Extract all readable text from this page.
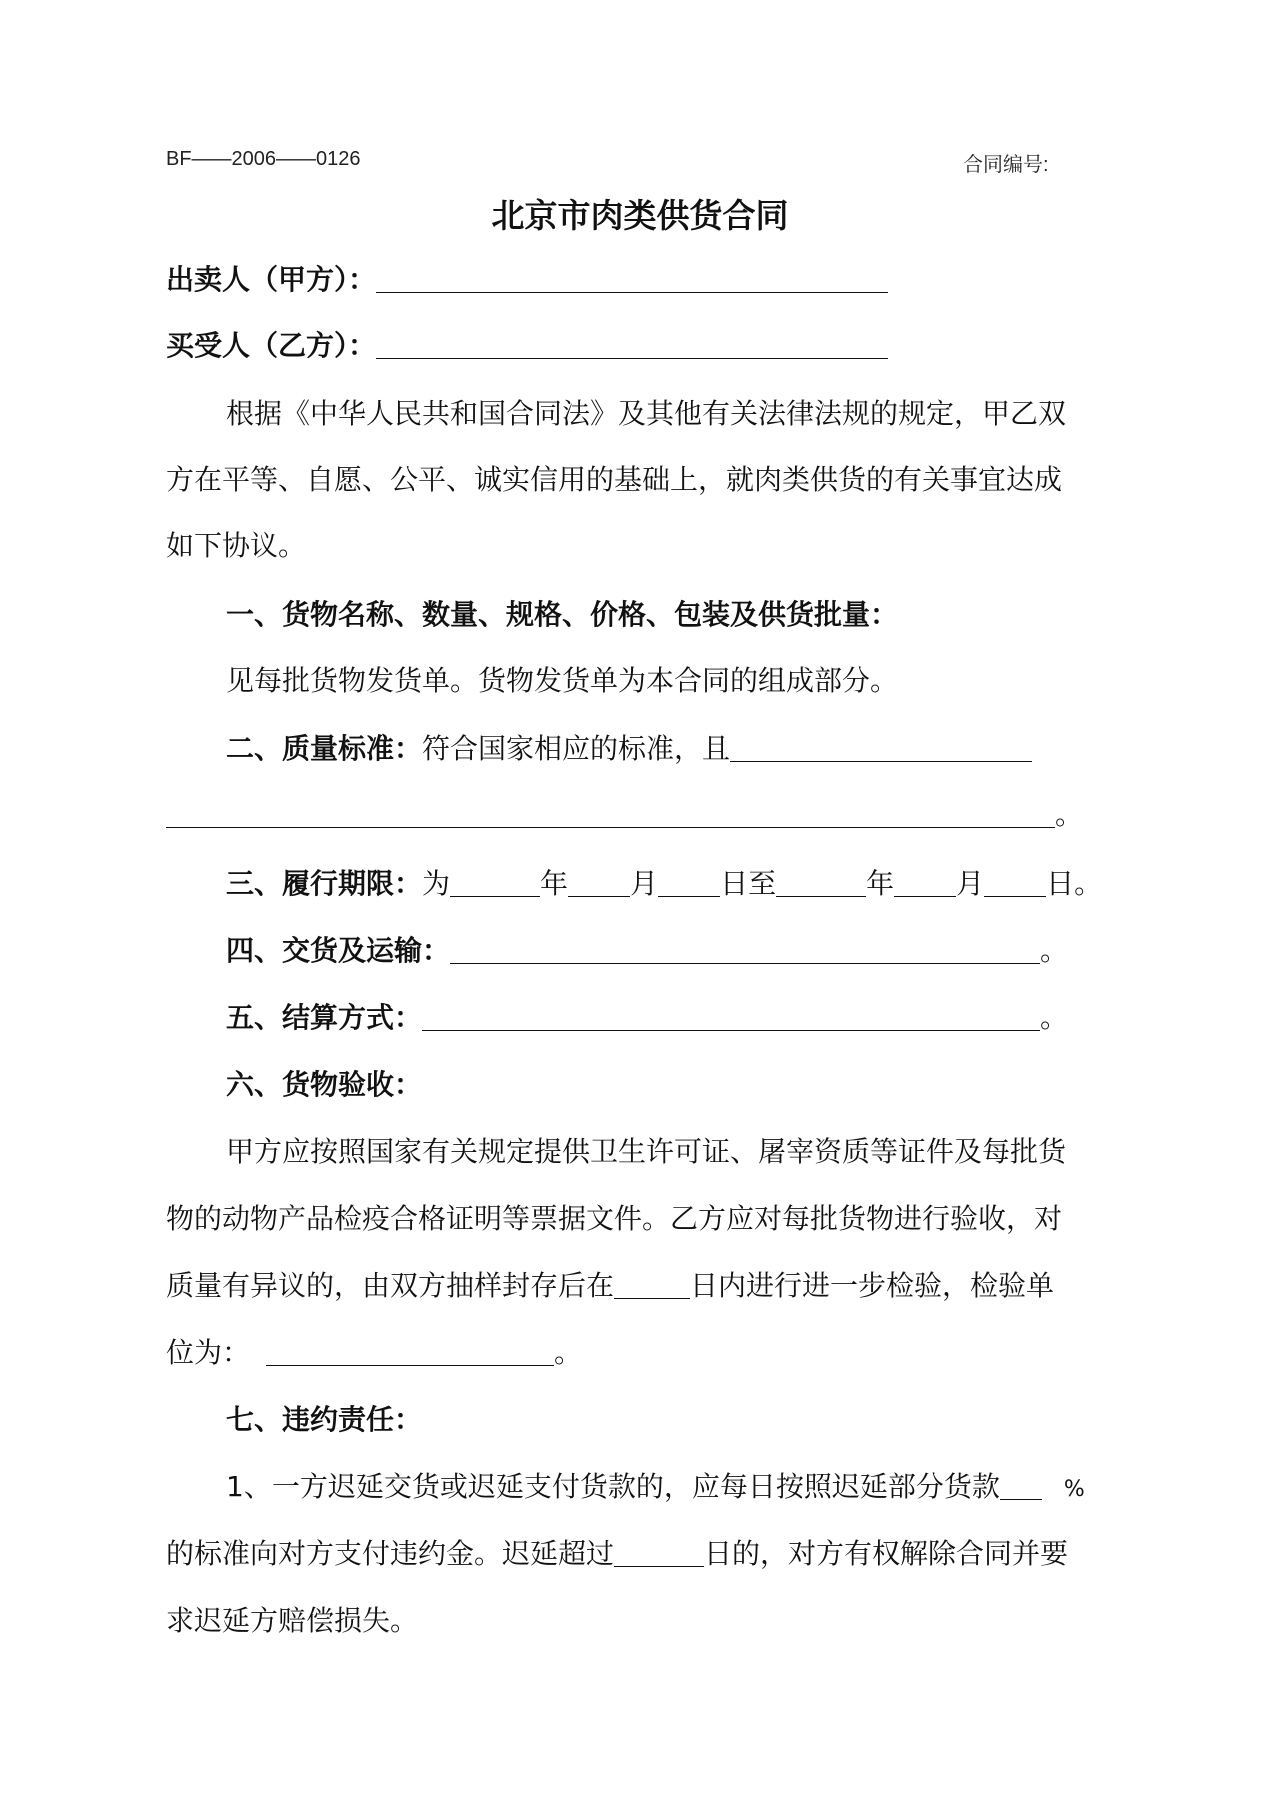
BF——2006——0126	合同编号:
北京市肉类供货合同
出卖人（甲方）：
买受人（乙方）：
根据《中华人民共和国合同法》及其他有关法律法规的规定，甲乙双
方在平等、自愿、公平、诚实信用的基础上，就肉类供货的有关事宜达成
如下协议。
一、货物名称、数量、规格、价格、包装及供货批量：
见每批货物发货单。货物发货单为本合同的组成部分。
二、质量标准：符合国家相应的标准，且
。
三、履行期限：为	年 月 日至	年 月 日。
四、交货及运输：	。
五、结算方式：	。
六、货物验收：
甲方应按照国家有关规定提供卫生许可证、屠宰资质等证件及每批货
物的动物产品检疫合格证明等票据文件。乙方应对每批货物进行验收，对
质量有异议的，由双方抽样封存后在	日内进行进一步检验，检验单
位为：	。
七、违约责任：
1、一方迟延交货或迟延支付货款的，应每日按照迟延部分货款	%
的标准向对方支付违约金。迟延超过	日的，对方有权解除合同并要
求迟延方赔偿损失。
